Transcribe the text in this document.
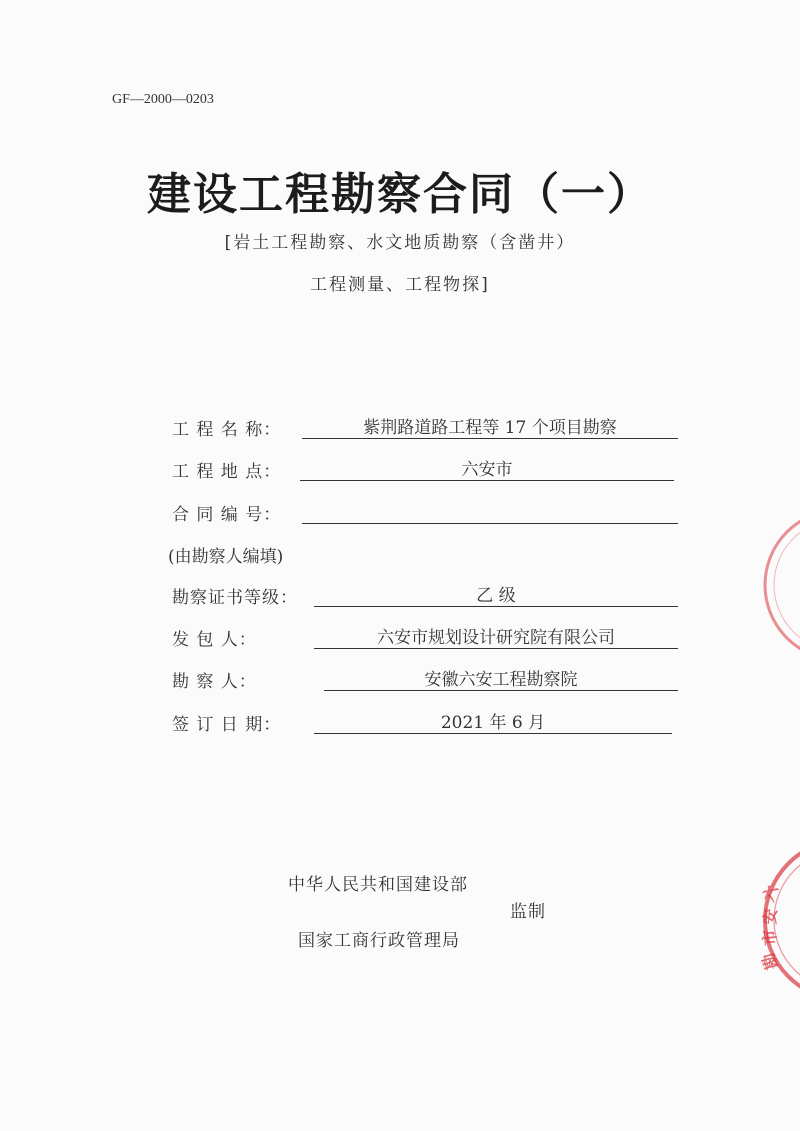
GF—2000—0203
建设工程勘察合同（一）
[岩土工程勘察、水文地质勘察（含凿井）
工程测量、工程物探]
工 程 名 称：	紫荆路道路工程等 17 个项目勘察
工 程 地 点：	六安市
合 同 编 号：
(由勘察人编填)
勘察证书等级：	乙 级
发 包 人：	六安市规划设计研究院有限公司
勘 察 人：	安徽六安工程勘察院
签 订 日 期：	2021 年 6 月
中华人民共和国建设部
监制
国家工商行政管理局
六
安
市
勘
